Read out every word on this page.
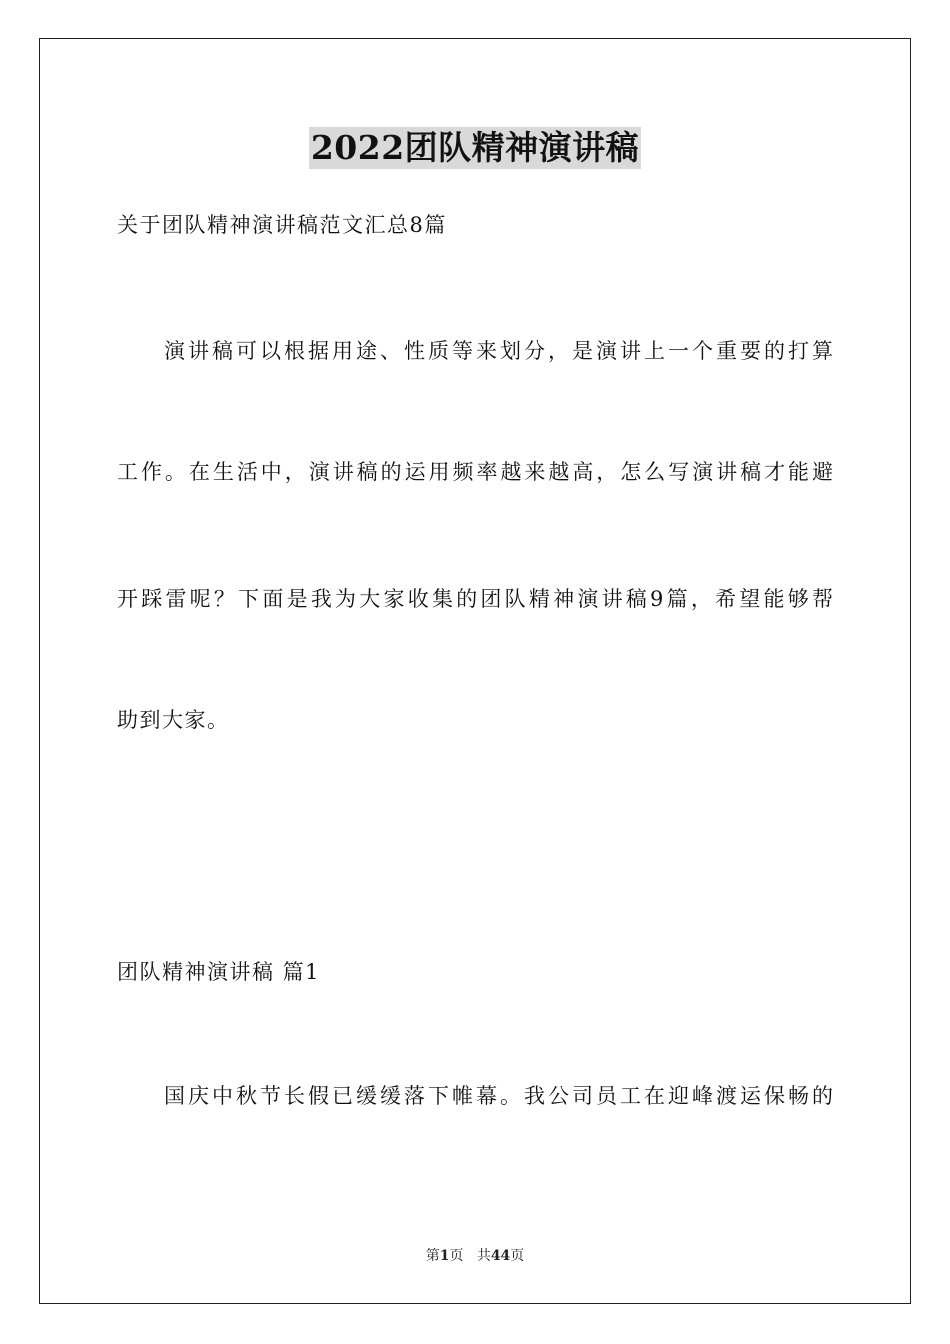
2022团队精神演讲稿
关于团队精神演讲稿范文汇总8篇
演讲稿可以根据用途、性质等来划分，是演讲上一个重要的打算
工作。在生活中，演讲稿的运用频率越来越高，怎么写演讲稿才能避
开踩雷呢？下面是我为大家收集的团队精神演讲稿9篇，希望能够帮
助到大家。
团队精神演讲稿 篇1
国庆中秋节长假已缓缓落下帷幕。我公司员工在迎峰渡运保畅的
第1页 共44页
